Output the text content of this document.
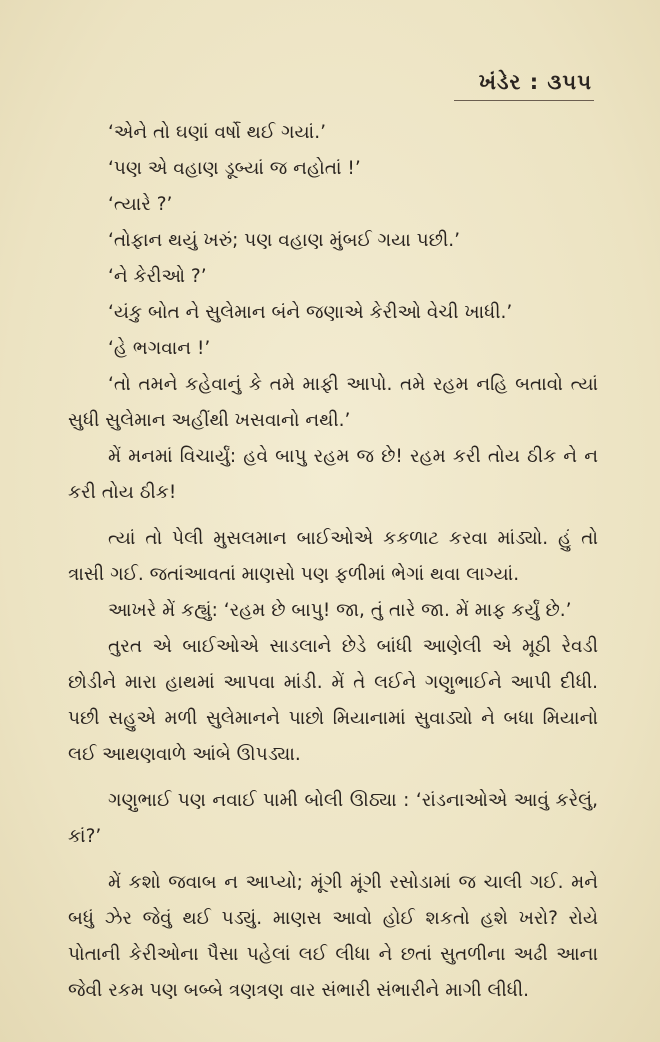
ખંડેર : ૩૫૫

‘એને તો ઘણાં વર્ષો થઈ ગયાં.’

‘પણ એ વહાણ ડૂબ્યાં જ નહોતાં !’

‘ત્યારે ?’

‘તોફાન થયું ખરું; પણ વહાણ મુંબઈ ગયા પછી.’

‘ને કેરીઓ ?’

‘યંકુ બોત ને સુલેમાન બંને જણાએ કેરીઓ વેચી ખાધી.’

‘હે ભગવાન !’

‘તો તમને કહેવાનું કે તમે માફી આપો. તમે રહમ નહિ બતાવો ત્યાં સુધી સુલેમાન અહીંથી ખસવાનો નથી.’

મેં મનમાં વિચાર્યું: હવે બાપુ રહમ જ છે! રહમ કરી તોય ઠીક ને ન કરી તોય ઠીક!

ત્યાં તો પેલી મુસલમાન બાઈઓએ કકળાટ કરવા માંડ્યો. હું તો ત્રાસી ગઈ. જતાંઆવતાં માણસો પણ ફળીમાં ભેગાં થવા લાગ્યાં.

આખરે મેં કહ્યું: ‘રહમ છે બાપુ! જા, તું તારે જા. મેં માફ કર્યું છે.’

તુરત એ બાઈઓએ સાડલાને છેડે બાંધી આણેલી એ મૂઠી રેવડી છોડીને મારા હાથમાં આપવા માંડી. મેં તે લઈને ગણુભાઈને આપી દીધી. પછી સહુએ મળી સુલેમાનને પાછો મિયાનામાં સુવાડ્યો ને બધા મિયાનો લઈ આથણવાળે આંબે ઊપડ્યા.

ગણુભાઈ પણ નવાઈ પામી બોલી ઊઠ્યા : ‘રાંડનાઓએ આવું કરેલું, કાં?’

મેં કશો જવાબ ન આપ્યો; મૂંગી મૂંગી રસોડામાં જ ચાલી ગઈ. મને બધું ઝેર જેવું થઈ પડ્યું. માણસ આવો હોઈ શકતો હશે ખરો? રોયે પોતાની કેરીઓના પૈસા પહેલાં લઈ લીધા ને છતાં સુતળીના અઢી આના જેવી રકમ પણ બબ્બે ત્રણત્રણ વાર સંભારી સંભારીને માગી લીધી.
